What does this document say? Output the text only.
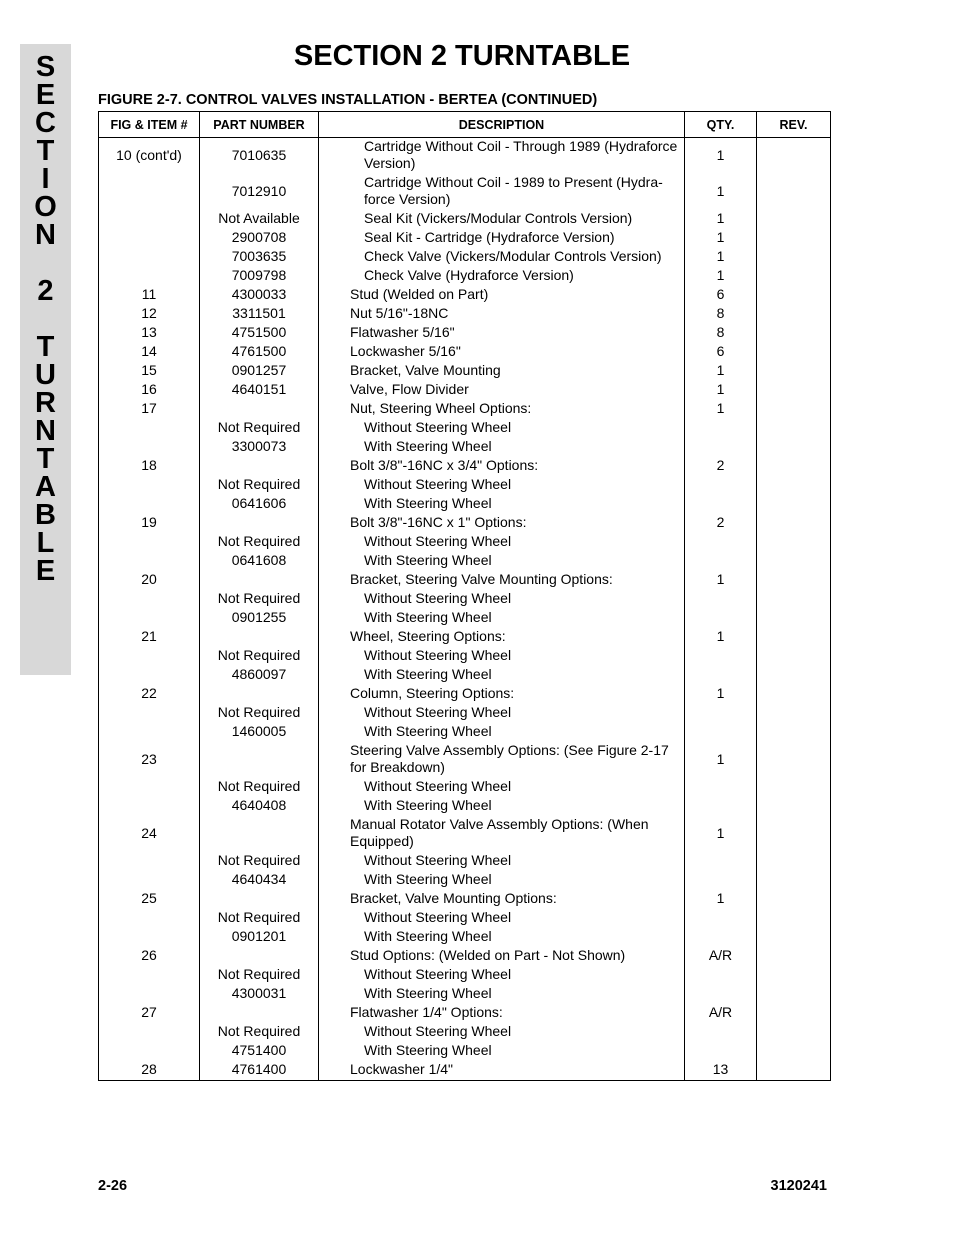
S
E
C
T
I
O
N
2
T
U
R
N
T
A
B
L
E
SECTION 2 TURNTABLE
FIGURE 2-7. CONTROL VALVES INSTALLATION - BERTEA (CONTINUED)
FIG & ITEM #	PART NUMBER	DESCRIPTION	QTY.	REV.
10 (cont'd)	7010635	Cartridge Without Coil - Through 1989 (Hydraforce Version)	1	
	7012910	Cartridge Without Coil - 1989 to Present (Hydra-force Version)	1	
	Not Available	Seal Kit (Vickers/Modular Controls Version)	1	
	2900708	Seal Kit - Cartridge (Hydraforce Version)	1	
	7003635	Check Valve (Vickers/Modular Controls Version)	1	
	7009798	Check Valve (Hydraforce Version)	1	
11	4300033	Stud (Welded on Part)	6	
12	3311501	Nut 5/16"-18NC	8	
13	4751500	Flatwasher 5/16"	8	
14	4761500	Lockwasher 5/16"	6	
15	0901257	Bracket, Valve Mounting	1	
16	4640151	Valve, Flow Divider	1	
17		Nut, Steering Wheel Options:	1	
	Not Required	Without Steering Wheel		
	3300073	With Steering Wheel		
18		Bolt 3/8"-16NC x 3/4" Options:	2	
	Not Required	Without Steering Wheel		
	0641606	With Steering Wheel		
19		Bolt 3/8"-16NC x 1" Options:	2	
	Not Required	Without Steering Wheel		
	0641608	With Steering Wheel		
20		Bracket, Steering Valve Mounting Options:	1	
	Not Required	Without Steering Wheel		
	0901255	With Steering Wheel		
21		Wheel, Steering Options:	1	
	Not Required	Without Steering Wheel		
	4860097	With Steering Wheel		
22		Column, Steering Options:	1	
	Not Required	Without Steering Wheel		
	1460005	With Steering Wheel		
23		Steering Valve Assembly Options: (See Figure 2-17 for Breakdown)	1	
	Not Required	Without Steering Wheel		
	4640408	With Steering Wheel		
24		Manual Rotator Valve Assembly Options: (When Equipped)	1	
	Not Required	Without Steering Wheel		
	4640434	With Steering Wheel		
25		Bracket, Valve Mounting Options:	1	
	Not Required	Without Steering Wheel		
	0901201	With Steering Wheel		
26		Stud Options: (Welded on Part - Not Shown)	A/R	
	Not Required	Without Steering Wheel		
	4300031	With Steering Wheel		
27		Flatwasher 1/4" Options:	A/R	
	Not Required	Without Steering Wheel		
	4751400	With Steering Wheel		
28	4761400	Lockwasher 1/4"	13	
2-26	3120241
